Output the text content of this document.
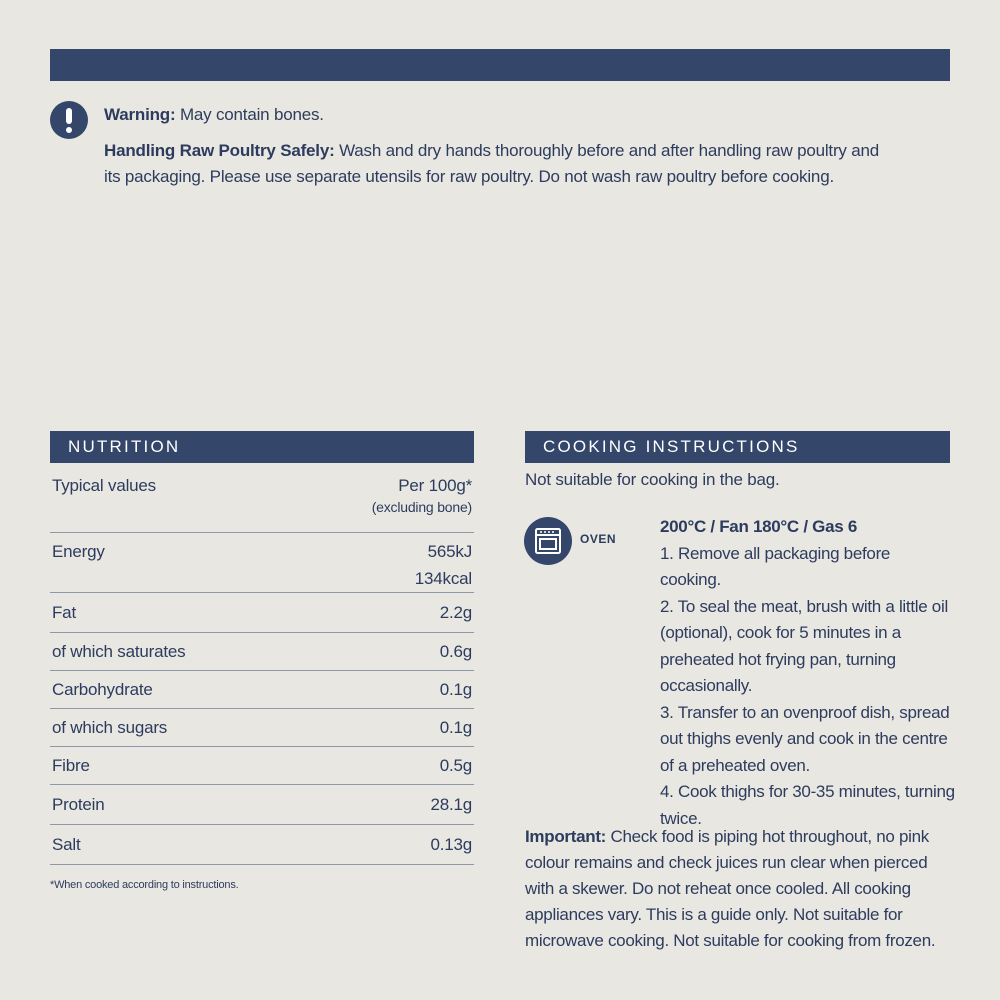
Warning: May contain bones.

Handling Raw Poultry Safely: Wash and dry hands thoroughly before and after handling raw poultry and its packaging. Please use separate utensils for raw poultry. Do not wash raw poultry before cooking.

NUTRITION
Typical values	Per 100g*
(excluding bone)
Energy	565kJ
134kcal
Fat	2.2g
of which saturates	0.6g
Carbohydrate	0.1g
of which sugars	0.1g
Fibre	0.5g
Protein	28.1g
Salt	0.13g
*When cooked according to instructions.
COOKING INSTRUCTIONS
Not suitable for cooking in the bag.
OVEN
200°C / Fan 180°C / Gas 6
1. Remove all packaging before cooking.
2. To seal the meat, brush with a little oil (optional), cook for 5 minutes in a preheated hot frying pan, turning occasionally.
3. Transfer to an ovenproof dish, spread out thighs evenly and cook in the centre of a preheated oven.
4. Cook thighs for 30-35 minutes, turning twice.
Important: Check food is piping hot throughout, no pink colour remains and check juices run clear when pierced with a skewer. Do not reheat once cooled. All cooking appliances vary. This is a guide only. Not suitable for microwave cooking. Not suitable for cooking from frozen.
